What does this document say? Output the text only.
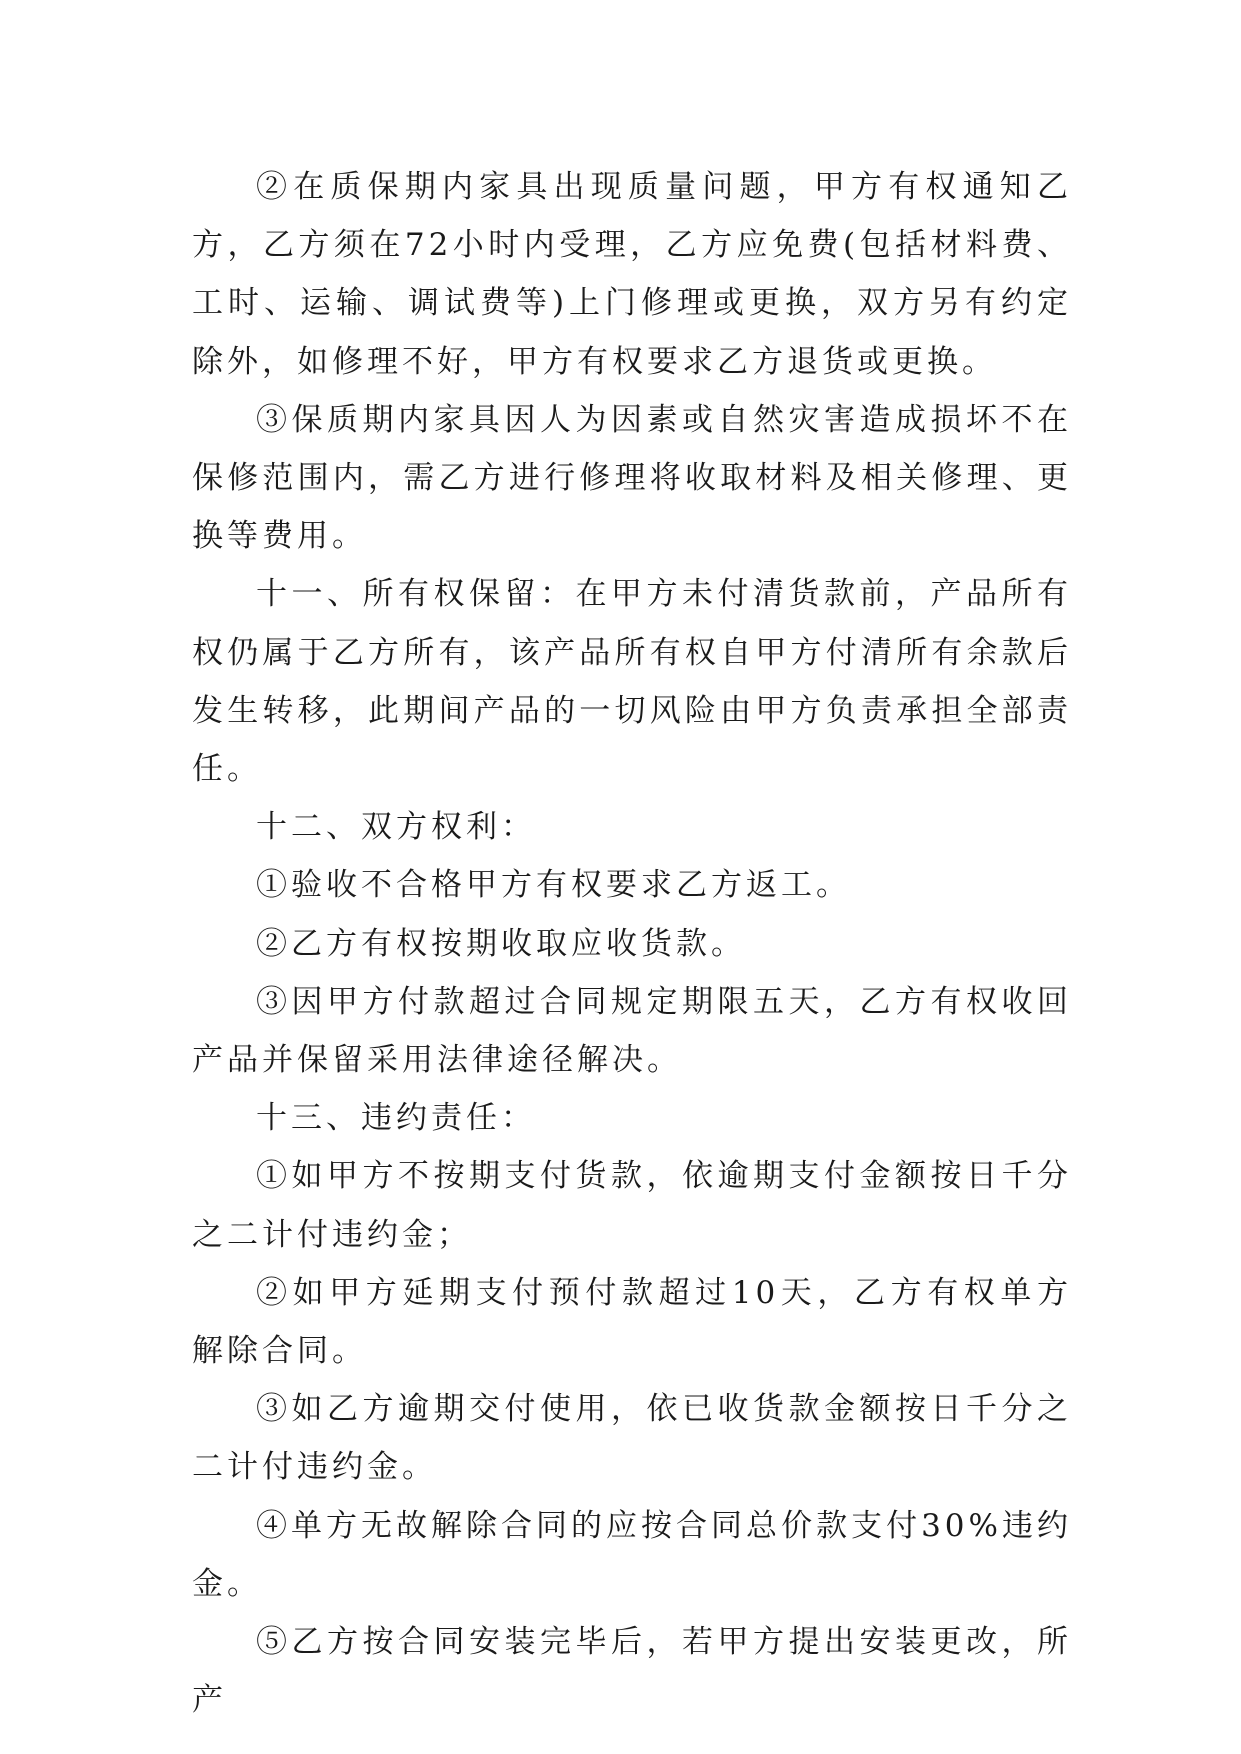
②在质保期内家具出现质量问题，甲方有权通知乙方，乙方须在72小时内受理，乙方应免费(包括材料费、工时、运输、调试费等)上门修理或更换，双方另有约定除外，如修理不好，甲方有权要求乙方退货或更换。

③保质期内家具因人为因素或自然灾害造成损坏不在保修范围内，需乙方进行修理将收取材料及相关修理、更换等费用。

十一、所有权保留：在甲方未付清货款前，产品所有权仍属于乙方所有，该产品所有权自甲方付清所有余款后发生转移，此期间产品的一切风险由甲方负责承担全部责任。

十二、双方权利：

①验收不合格甲方有权要求乙方返工。

②乙方有权按期收取应收货款。

③因甲方付款超过合同规定期限五天，乙方有权收回产品并保留采用法律途径解决。

十三、违约责任：

①如甲方不按期支付货款，依逾期支付金额按日千分之二计付违约金；

②如甲方延期支付预付款超过10天，乙方有权单方解除合同。

③如乙方逾期交付使用，依已收货款金额按日千分之二计付违约金。

④单方无故解除合同的应按合同总价款支付30%违约金。

⑤乙方按合同安装完毕后，若甲方提出安装更改，所产
